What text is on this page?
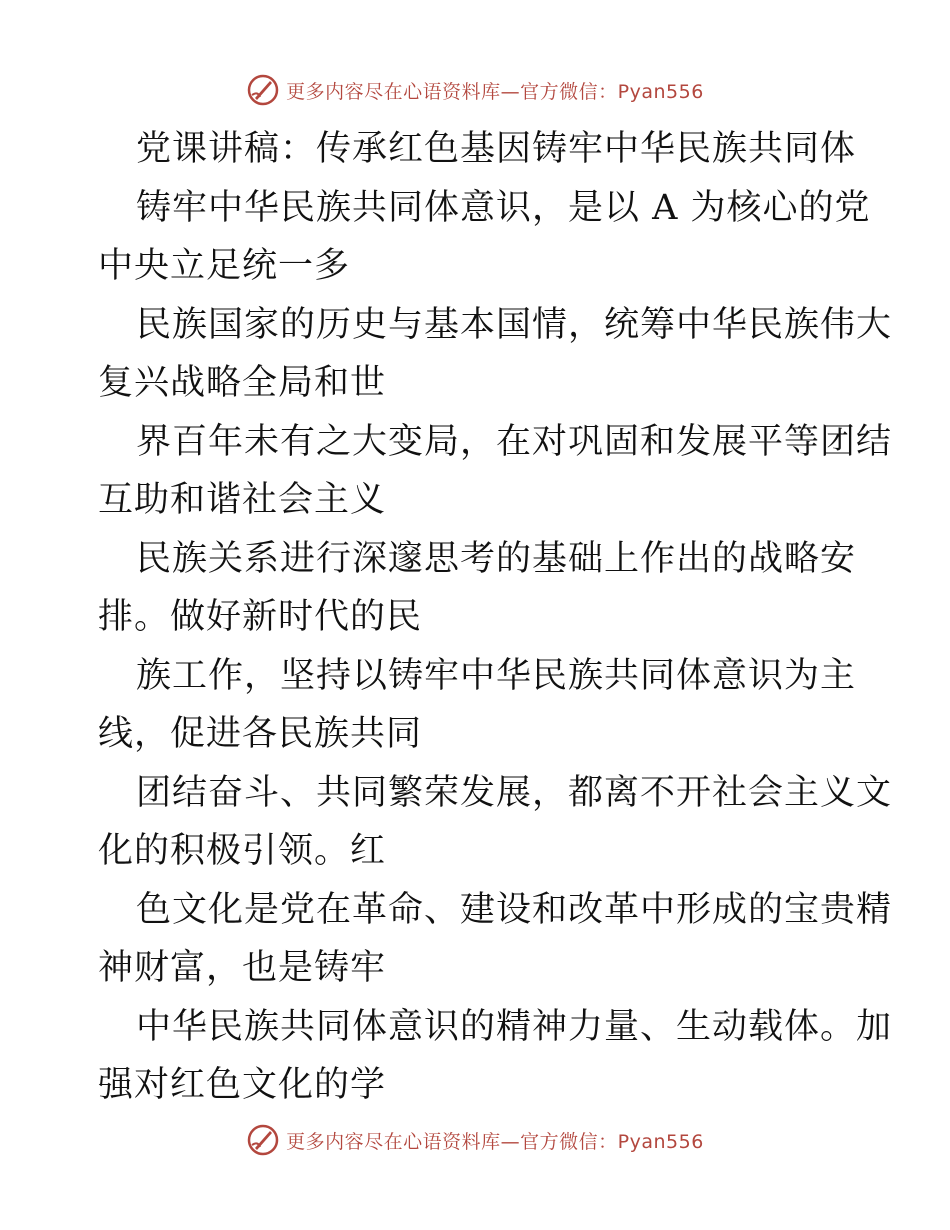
更多内容尽在心语资料库—官方微信：Pyan556
党课讲稿：传承红色基因铸牢中华民族共同体
铸牢中华民族共同体意识，是以 A 为核心的党
中央立足统一多
民族国家的历史与基本国情，统筹中华民族伟大
复兴战略全局和世
界百年未有之大变局，在对巩固和发展平等团结
互助和谐社会主义
民族关系进行深邃思考的基础上作出的战略安
排。做好新时代的民
族工作，坚持以铸牢中华民族共同体意识为主
线，促进各民族共同
团结奋斗、共同繁荣发展，都离不开社会主义文
化的积极引领。红
色文化是党在革命、建设和改革中形成的宝贵精
神财富，也是铸牢
中华民族共同体意识的精神力量、生动载体。加
强对红色文化的学
更多内容尽在心语资料库—官方微信：Pyan556
